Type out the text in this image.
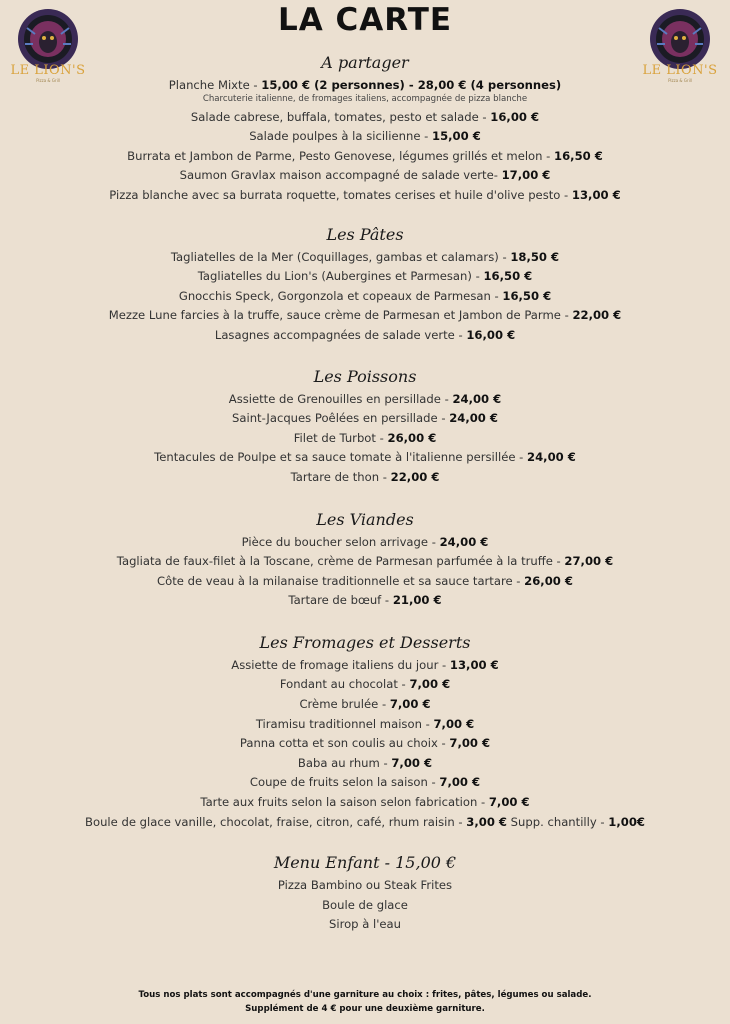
LE LION'S
Pizza & Grill
LE LION'S
Pizza & Grill
LA CARTE
A partager
Planche Mixte - 15,00 € (2 personnes) - 28,00 € (4 personnes)
Charcuterie italienne, de fromages italiens, accompagnée de pizza blanche
Salade cabrese, buffala, tomates, pesto et salade - 16,00 €
Salade poulpes à la sicilienne - 15,00 €
Burrata et Jambon de Parme, Pesto Genovese, légumes grillés et melon - 16,50 €
Saumon Gravlax maison accompagné de salade verte- 17,00 €
Pizza blanche avec sa burrata roquette, tomates cerises et huile d'olive pesto - 13,00 €
Les Pâtes
Tagliatelles de la Mer (Coquillages, gambas et calamars) - 18,50 €
Tagliatelles du Lion's (Aubergines et Parmesan) - 16,50 €
Gnocchis Speck, Gorgonzola et copeaux de Parmesan - 16,50 €
Mezze Lune farcies à la truffe, sauce crème de Parmesan et Jambon de Parme - 22,00 €
Lasagnes accompagnées de salade verte - 16,00 €
Les Poissons
Assiette de Grenouilles en persillade - 24,00 €
Saint-Jacques Poêlées en persillade - 24,00 €
Filet de Turbot - 26,00 €
Tentacules de Poulpe et sa sauce tomate à l'italienne persillée - 24,00 €
Tartare de thon - 22,00 €
Les Viandes
Pièce du boucher selon arrivage - 24,00 €
Tagliata de faux-filet à la Toscane, crème de Parmesan parfumée à la truffe - 27,00 €
Côte de veau à la milanaise traditionnelle et sa sauce tartare - 26,00 €
Tartare de bœuf - 21,00 €
Les Fromages et Desserts
Assiette de fromage italiens du jour - 13,00 €
Fondant au chocolat - 7,00 €
Crème brulée - 7,00 €
Tiramisu traditionnel maison - 7,00 €
Panna cotta et son coulis au choix - 7,00 €
Baba au rhum - 7,00 €
Coupe de fruits selon la saison - 7,00 €
Tarte aux fruits selon la saison selon fabrication - 7,00 €
Boule de glace vanille, chocolat, fraise, citron, café, rhum raisin - 3,00 € Supp. chantilly - 1,00€
Menu Enfant - 15,00 €
Pizza Bambino ou Steak Frites
Boule de glace
Sirop à l'eau
Tous nos plats sont accompagnés d'une garniture au choix : frites, pâtes, légumes ou salade.
Supplément de 4 € pour une deuxième garniture.
